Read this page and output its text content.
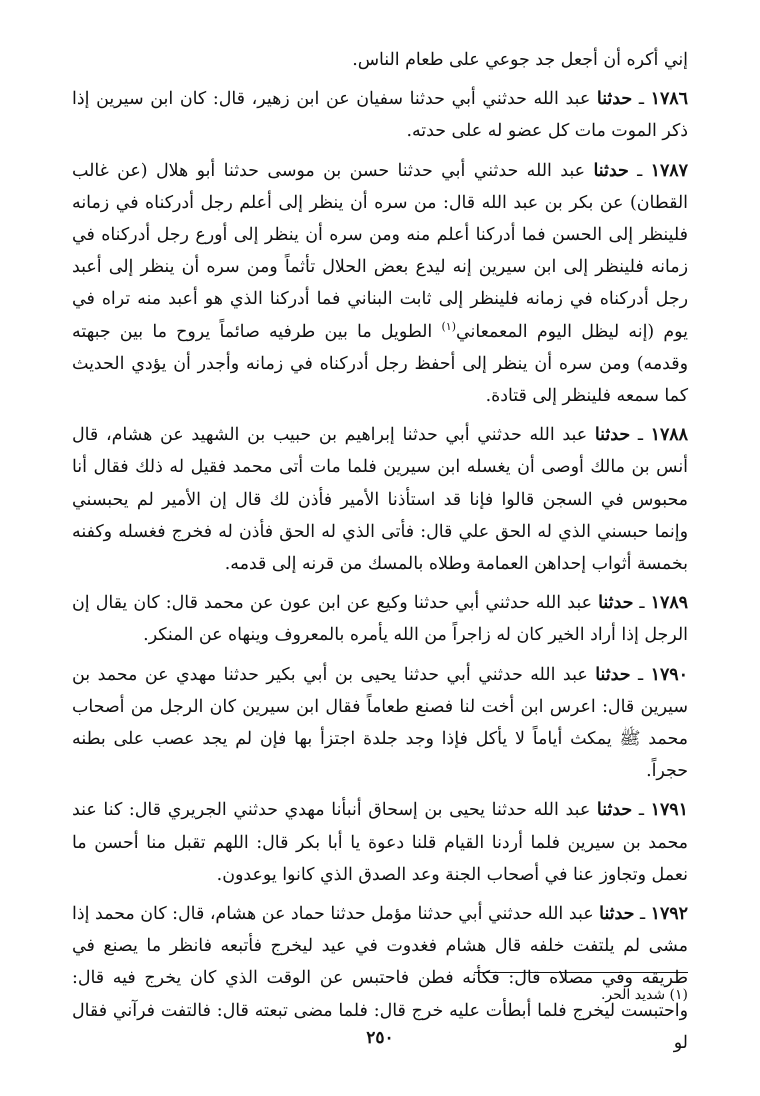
إني أكره أن أجعل جد جوعي على طعام الناس.

١٧٨٦ ـ حدثنا عبد الله حدثني أبي حدثنا سفيان عن ابن زهير، قال: كان ابن سيرين إذا ذكر الموت مات كل عضو له على حدته.

١٧٨٧ ـ حدثنا عبد الله حدثني أبي حدثنا حسن بن موسى حدثنا أبو هلال (عن غالب القطان) عن بكر بن عبد الله قال: من سره أن ينظر إلى أعلم رجل أدركناه في زمانه فلينظر إلى الحسن فما أدركنا أعلم منه ومن سره أن ينظر إلى أورع رجل أدركناه في زمانه فلينظر إلى ابن سيرين إنه ليدع بعض الحلال تأثماً ومن سره أن ينظر إلى أعبد رجل أدركناه في زمانه فلينظر إلى ثابت البناني فما أدركنا الذي هو أعبد منه تراه في يوم (إنه ليظل اليوم المعمعاني$^{(١)}$ الطويل ما بين طرفيه صائماً يروح ما بين جبهته وقدمه) ومن سره أن ينظر إلى أحفظ رجل أدركناه في زمانه وأجدر أن يؤدي الحديث كما سمعه فلينظر إلى قتادة.

١٧٨٨ ـ حدثنا عبد الله حدثني أبي حدثنا إبراهيم بن حبيب بن الشهيد عن هشام، قال أنس بن مالك أوصى أن يغسله ابن سيرين فلما مات أتى محمد فقيل له ذلك فقال أنا محبوس في السجن قالوا فإنا قد استأذنا الأمير فأذن لك قال إن الأمير لم يحبسني وإنما حبسني الذي له الحق علي قال: فأتى الذي له الحق فأذن له فخرج فغسله وكفنه بخمسة أثواب إحداهن العمامة وطلاه بالمسك من قرنه إلى قدمه.

١٧٨٩ ـ حدثنا عبد الله حدثني أبي حدثنا وكيع عن ابن عون عن محمد قال: كان يقال إن الرجل إذا أراد الخير كان له زاجراً من الله يأمره بالمعروف وينهاه عن المنكر.

١٧٩٠ ـ حدثنا عبد الله حدثني أبي حدثنا يحيى بن أبي بكير حدثنا مهدي عن محمد بن سيرين قال: اعرس ابن أخت لنا فصنع طعاماً فقال ابن سيرين كان الرجل من أصحاب محمد ﷺ يمكث أياماً لا يأكل فإذا وجد جلدة اجتزأ بها فإن لم يجد عصب على بطنه حجراً.

١٧٩١ ـ حدثنا عبد الله حدثنا يحيى بن إسحاق أنبأنا مهدي حدثني الجريري قال: كنا عند محمد بن سيرين فلما أردنا القيام قلنا دعوة يا أبا بكر قال: اللهم تقبل منا أحسن ما نعمل وتجاوز عنا في أصحاب الجنة وعد الصدق الذي كانوا يوعدون.

١٧٩٢ ـ حدثنا عبد الله حدثني أبي حدثنا مؤمل حدثنا حماد عن هشام، قال: كان محمد إذا مشى لم يلتفت خلفه قال هشام فغدوت في عيد ليخرج فأتبعه فانظر ما يصنع في طريقه وفي مصلاه قال: فكأنه فطن فاحتبس عن الوقت الذي كان يخرج فيه قال: واحتبست ليخرج فلما أبطأت عليه خرج قال: فلما مضى تبعته قال: فالتفت فرآني فقال لو

(١) شديد الحر.

٢٥٠
